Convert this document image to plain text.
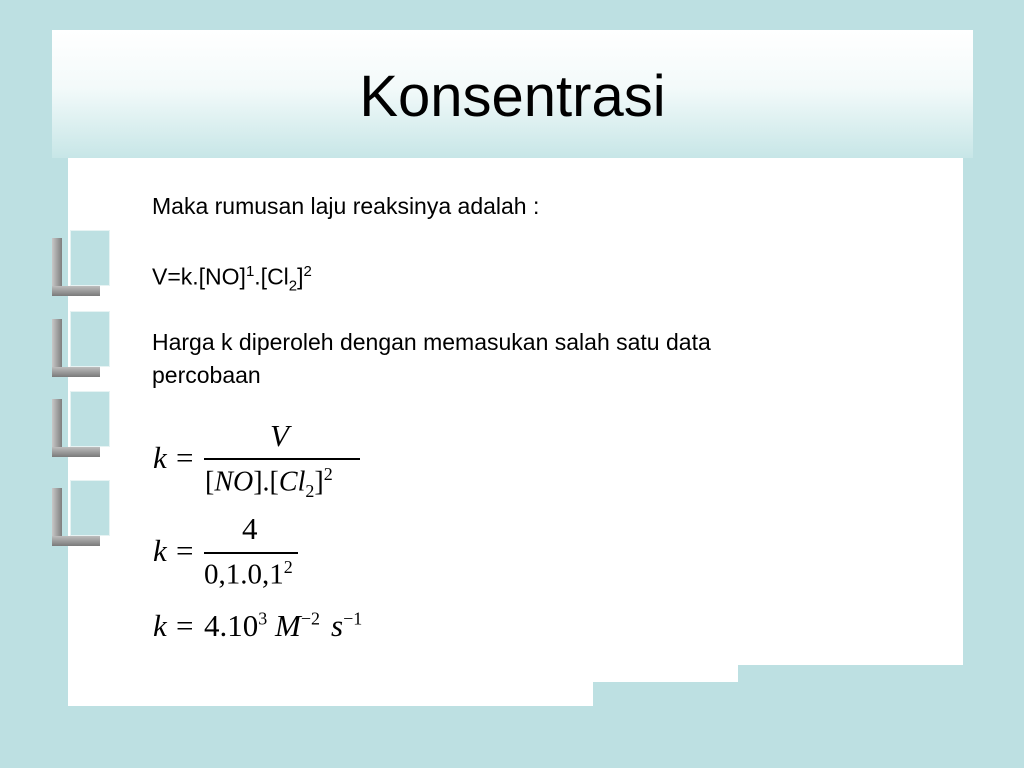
Konsentrasi
Maka rumusan laju reaksinya adalah :
$V=k.[NO]^1.[Cl_2]^2$
Harga k diperoleh dengan memasukan salah satu data
percobaan
k =
V
$[NO].[Cl_2]^2$
k =
4
0,1.0,1$^2$
$k = 4.10^3$ $M^{-2}$ $s^{-1}$
